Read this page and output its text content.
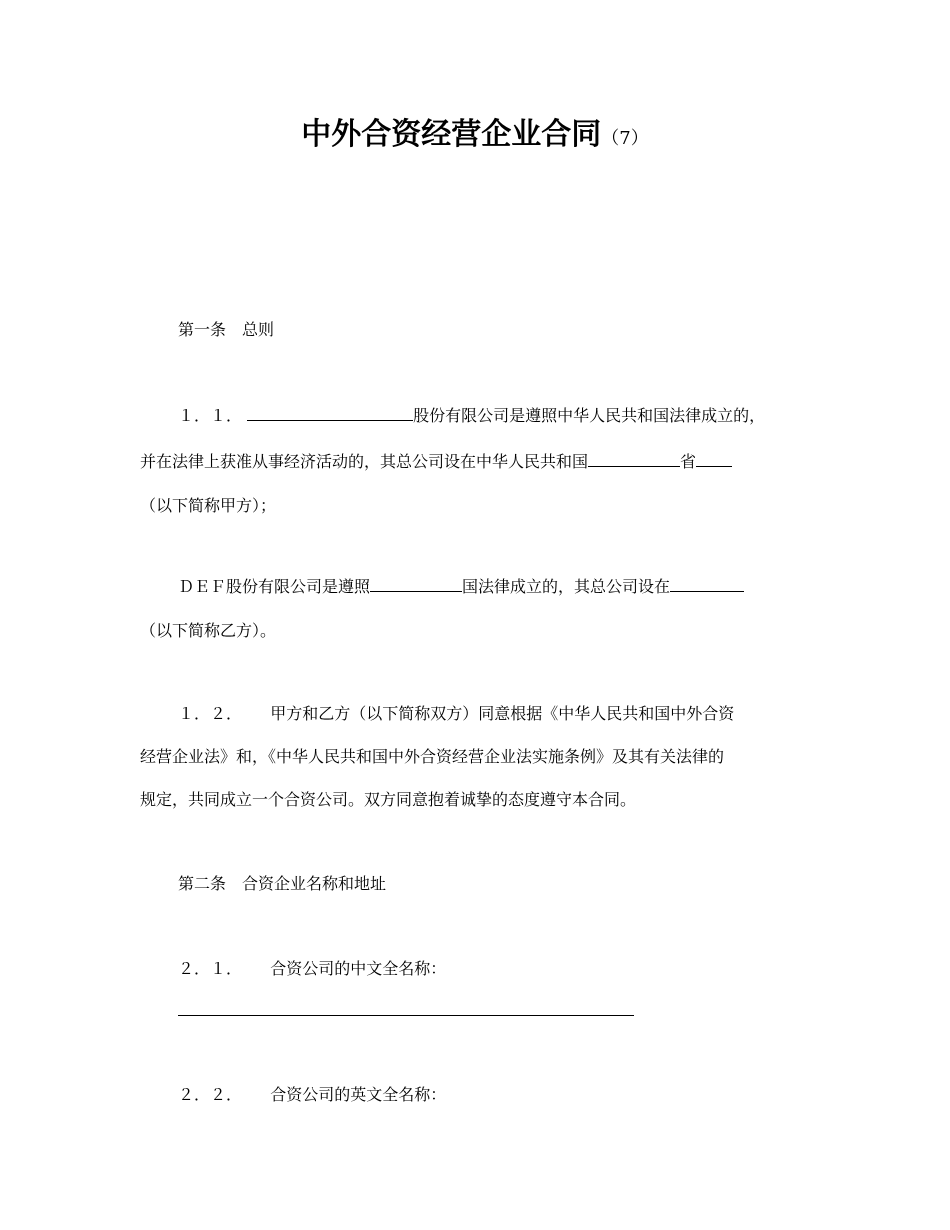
中外合资经营企业合同（7）
第一条　总则
１．１．	股份有限公司是遵照中华人民共和国法律成立的，
并在法律上获准从事经济活动的，其总公司设在中华人民共和国	省
（以下简称甲方）；
ＤＥＦ股份有限公司是遵照	国法律成立的，其总公司设在
（以下简称乙方）。
１．２． 甲方和乙方（以下简称双方）同意根据《中华人民共和国中外合资
经营企业法》和，《中华人民共和国中外合资经营企业法实施条例》及其有关法律的
规定，共同成立一个合资公司。双方同意抱着诚挚的态度遵守本合同。
第二条　合资企业名称和地址
２．１． 合资公司的中文全名称：
２．２． 合资公司的英文全名称：
